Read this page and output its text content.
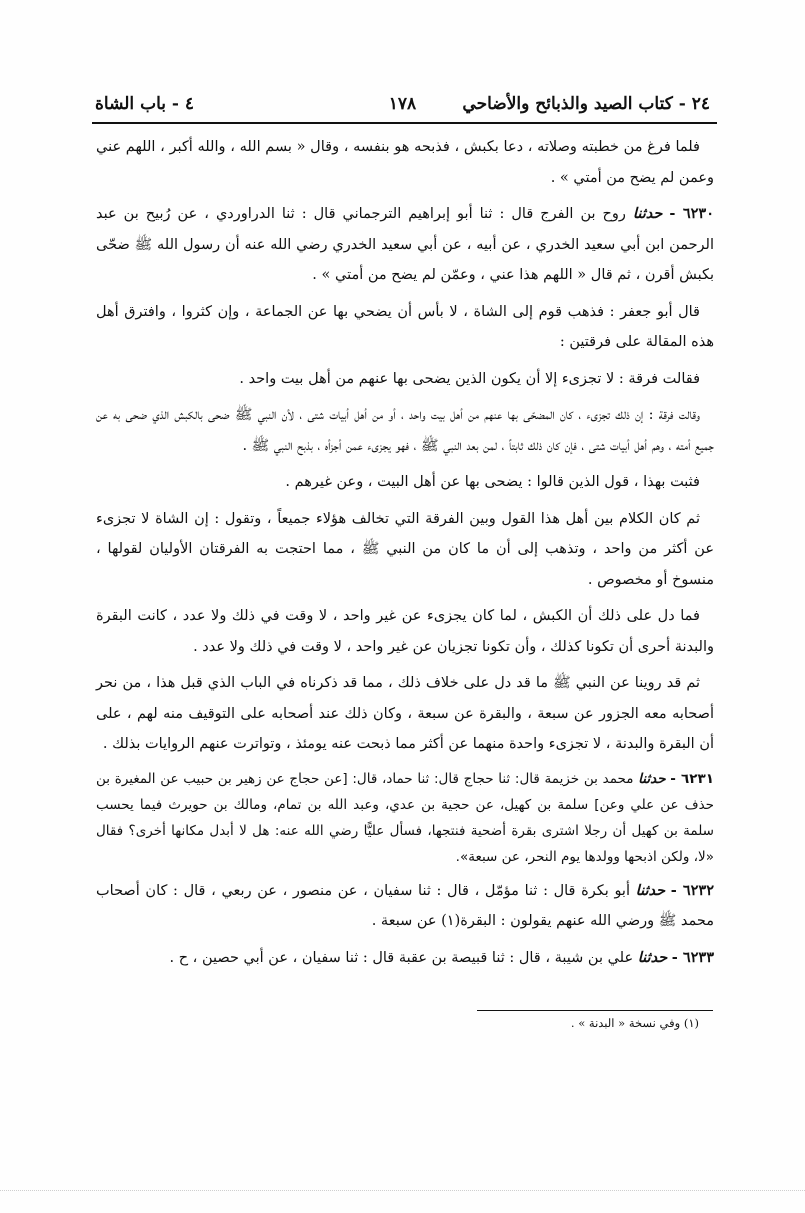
٢٤ - كتاب الصيد والذبائح والأضاحي
١٧٨
٤ - باب الشاة

فلما فرغ من خطبته وصلاته ، دعا بكبش ، فذبحه هو بنفسه ، وقال « بسم الله ، والله أكبر ، اللهم عني وعمن لم يضح من أمتي » .

٦٢٣٠ - حدثنا روح بن الفرج قال : ثنا أبو إبراهيم الترجماني قال : ثنا الدراوردي ، عن رُبيح بن عبد الرحمن ابن أبي سعيد الخدري ، عن أبيه ، عن أبي سعيد الخدري رضي الله عنه أن رسول الله ﷺ ضحّى بكبش أقرن ، ثم قال « اللهم هذا عني ، وعمّن لم يضح من أمتي » .

قال أبو جعفر : فذهب قوم إلى الشاة ، لا بأس أن يضحي بها عن الجماعة ، وإن كثروا ، وافترق أهل هذه المقالة على فرقتين :

فقالت فرقة : لا تجزىء إلا أن يكون الذين يضحى بها عنهم من أهل بيت واحد .

وقالت فرقة : إن ذلك تجزىء ، كان المضحّى بها عنهم من أهل بيت واحد ، أو من أهل أبيات شتى ، لأن النبي ﷺ ضحى بالكبش الذي ضحى به عن جميع أمته ، وهم أهل أبيات شتى ، فإن كان ذلك ثابتاً ، لمن بعد النبي ﷺ ، فهو يجزىء عمن أجزأه ، بذبح النبي ﷺ .

فثبت بهذا ، قول الذين قالوا : يضحى بها عن أهل البيت ، وعن غيرهم .

ثم كان الكلام بين أهل هذا القول وبين الفرقة التي تخالف هؤلاء جميعاً ، وتقول : إن الشاة لا تجزىء عن أكثر من واحد ، وتذهب إلى أن ما كان من النبي ﷺ ، مما احتجت به الفرقتان الأوليان لقولها ، منسوخ أو مخصوص .

فما دل على ذلك أن الكبش ، لما كان يجزىء عن غير واحد ، لا وقت في ذلك ولا عدد ، كانت البقرة والبدنة أحرى أن تكونا كذلك ، وأن تكونا تجزيان عن غير واحد ، لا وقت في ذلك ولا عدد .

ثم قد روينا عن النبي ﷺ ما قد دل على خلاف ذلك ، مما قد ذكرناه في الباب الذي قبل هذا ، من نحر أصحابه معه الجزور عن سبعة ، والبقرة عن سبعة ، وكان ذلك عند أصحابه على التوقيف منه لهم ، على أن البقرة والبدنة ، لا تجزىء واحدة منهما عن أكثر مما ذبحت عنه يومئذ ، وتواترت عنهم الروايات بذلك .

٦٢٣١ - حدثنا محمد بن خزيمة قال: ثنا حجاج قال: ثنا حماد، قال: [عن حجاج عن زهير بن حبيب عن المغيرة بن حذف عن علي وعن] سلمة بن كهيل، عن حجية بن عدي، وعبد الله بن تمام، ومالك بن حويرث فيما يحسب سلمة بن كهيل أن رجلا اشترى بقرة أضحية فنتجها، فسأل عليًّا رضي الله عنه: هل لا أبدل مكانها أخرى؟ فقال «لا، ولكن اذبحها وولدها يوم النحر، عن سبعة».

٦٢٣٢ - حدثنا أبو بكرة قال : ثنا مؤمّل ، قال : ثنا سفيان ، عن منصور ، عن ربعي ، قال : كان أصحاب محمد ﷺ ورضي الله عنهم يقولون : البقرة(١) عن سبعة .

٦٢٣٣ - حدثنا علي بن شيبة ، قال : ثنا قبيصة بن عقبة قال : ثنا سفيان ، عن أبي حصين ، ح .

(١) وفي نسخة « البدنة » .
